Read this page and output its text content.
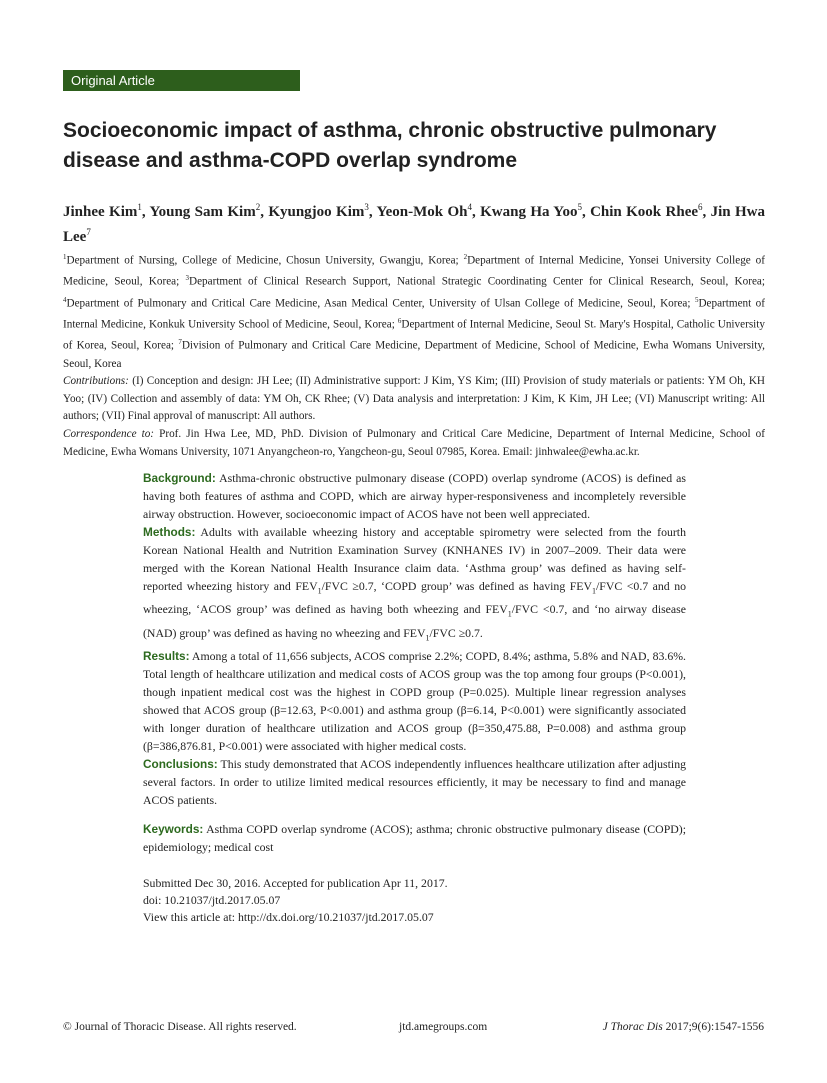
Original Article
Socioeconomic impact of asthma, chronic obstructive pulmonary disease and asthma-COPD overlap syndrome
Jinhee Kim$^1$, Young Sam Kim$^2$, Kyungjoo Kim$^3$, Yeon-Mok Oh$^4$, Kwang Ha Yoo$^5$, Chin Kook Rhee$^6$, Jin Hwa Lee$^7$

$^1$Department of Nursing, College of Medicine, Chosun University, Gwangju, Korea; $^2$Department of Internal Medicine, Yonsei University College of Medicine, Seoul, Korea; $^3$Department of Clinical Research Support, National Strategic Coordinating Center for Clinical Research, Seoul, Korea; $^4$Department of Pulmonary and Critical Care Medicine, Asan Medical Center, University of Ulsan College of Medicine, Seoul, Korea; $^5$Department of Internal Medicine, Konkuk University School of Medicine, Seoul, Korea; $^6$Department of Internal Medicine, Seoul St. Mary's Hospital, Catholic University of Korea, Seoul, Korea; $^7$Division of Pulmonary and Critical Care Medicine, Department of Medicine, School of Medicine, Ewha Womans University, Seoul, Korea

Contributions: (I) Conception and design: JH Lee; (II) Administrative support: J Kim, YS Kim; (III) Provision of study materials or patients: YM Oh, KH Yoo; (IV) Collection and assembly of data: YM Oh, CK Rhee; (V) Data analysis and interpretation: J Kim, K Kim, JH Lee; (VI) Manuscript writing: All authors; (VII) Final approval of manuscript: All authors.

Correspondence to: Prof. Jin Hwa Lee, MD, PhD. Division of Pulmonary and Critical Care Medicine, Department of Internal Medicine, School of Medicine, Ewha Womans University, 1071 Anyangcheon-ro, Yangcheon-gu, Seoul 07985, Korea. Email: jinhwalee@ewha.ac.kr.

Background: Asthma-chronic obstructive pulmonary disease (COPD) overlap syndrome (ACOS) is defined as having both features of asthma and COPD, which are airway hyper-responsiveness and incompletely reversible airway obstruction. However, socioeconomic impact of ACOS have not been well appreciated.

Methods: Adults with available wheezing history and acceptable spirometry were selected from the fourth Korean National Health and Nutrition Examination Survey (KNHANES IV) in 2007–2009. Their data were merged with the Korean National Health Insurance claim data. ‘Asthma group’ was defined as having self-reported wheezing history and $FEV_1$/FVC ≥0.7, ‘COPD group’ was defined as having $FEV_1$/FVC <0.7 and no wheezing, ‘ACOS group’ was defined as having both wheezing and $FEV_1$/FVC <0.7, and ‘no airway disease (NAD) group’ was defined as having no wheezing and $FEV_1$/FVC ≥0.7.

Results: Among a total of 11,656 subjects, ACOS comprise 2.2%; COPD, 8.4%; asthma, 5.8% and NAD, 83.6%. Total length of healthcare utilization and medical costs of ACOS group was the top among four groups (P<0.001), though inpatient medical cost was the highest in COPD group (P=0.025). Multiple linear regression analyses showed that ACOS group (β=12.63, P<0.001) and asthma group (β=6.14, P<0.001) were significantly associated with longer duration of healthcare utilization and ACOS group (β=350,475.88, P=0.008) and asthma group (β=386,876.81, P<0.001) were associated with higher medical costs.

Conclusions: This study demonstrated that ACOS independently influences healthcare utilization after adjusting several factors. In order to utilize limited medical resources efficiently, it may be necessary to find and manage ACOS patients.

Keywords: Asthma COPD overlap syndrome (ACOS); asthma; chronic obstructive pulmonary disease (COPD); epidemiology; medical cost
Submitted Dec 30, 2016. Accepted for publication Apr 11, 2017.
doi: 10.21037/jtd.2017.05.07
View this article at: http://dx.doi.org/10.21037/jtd.2017.05.07
© Journal of Thoracic Disease. All rights reserved.	jtd.amegroups.com	J Thorac Dis 2017;9(6):1547-1556
